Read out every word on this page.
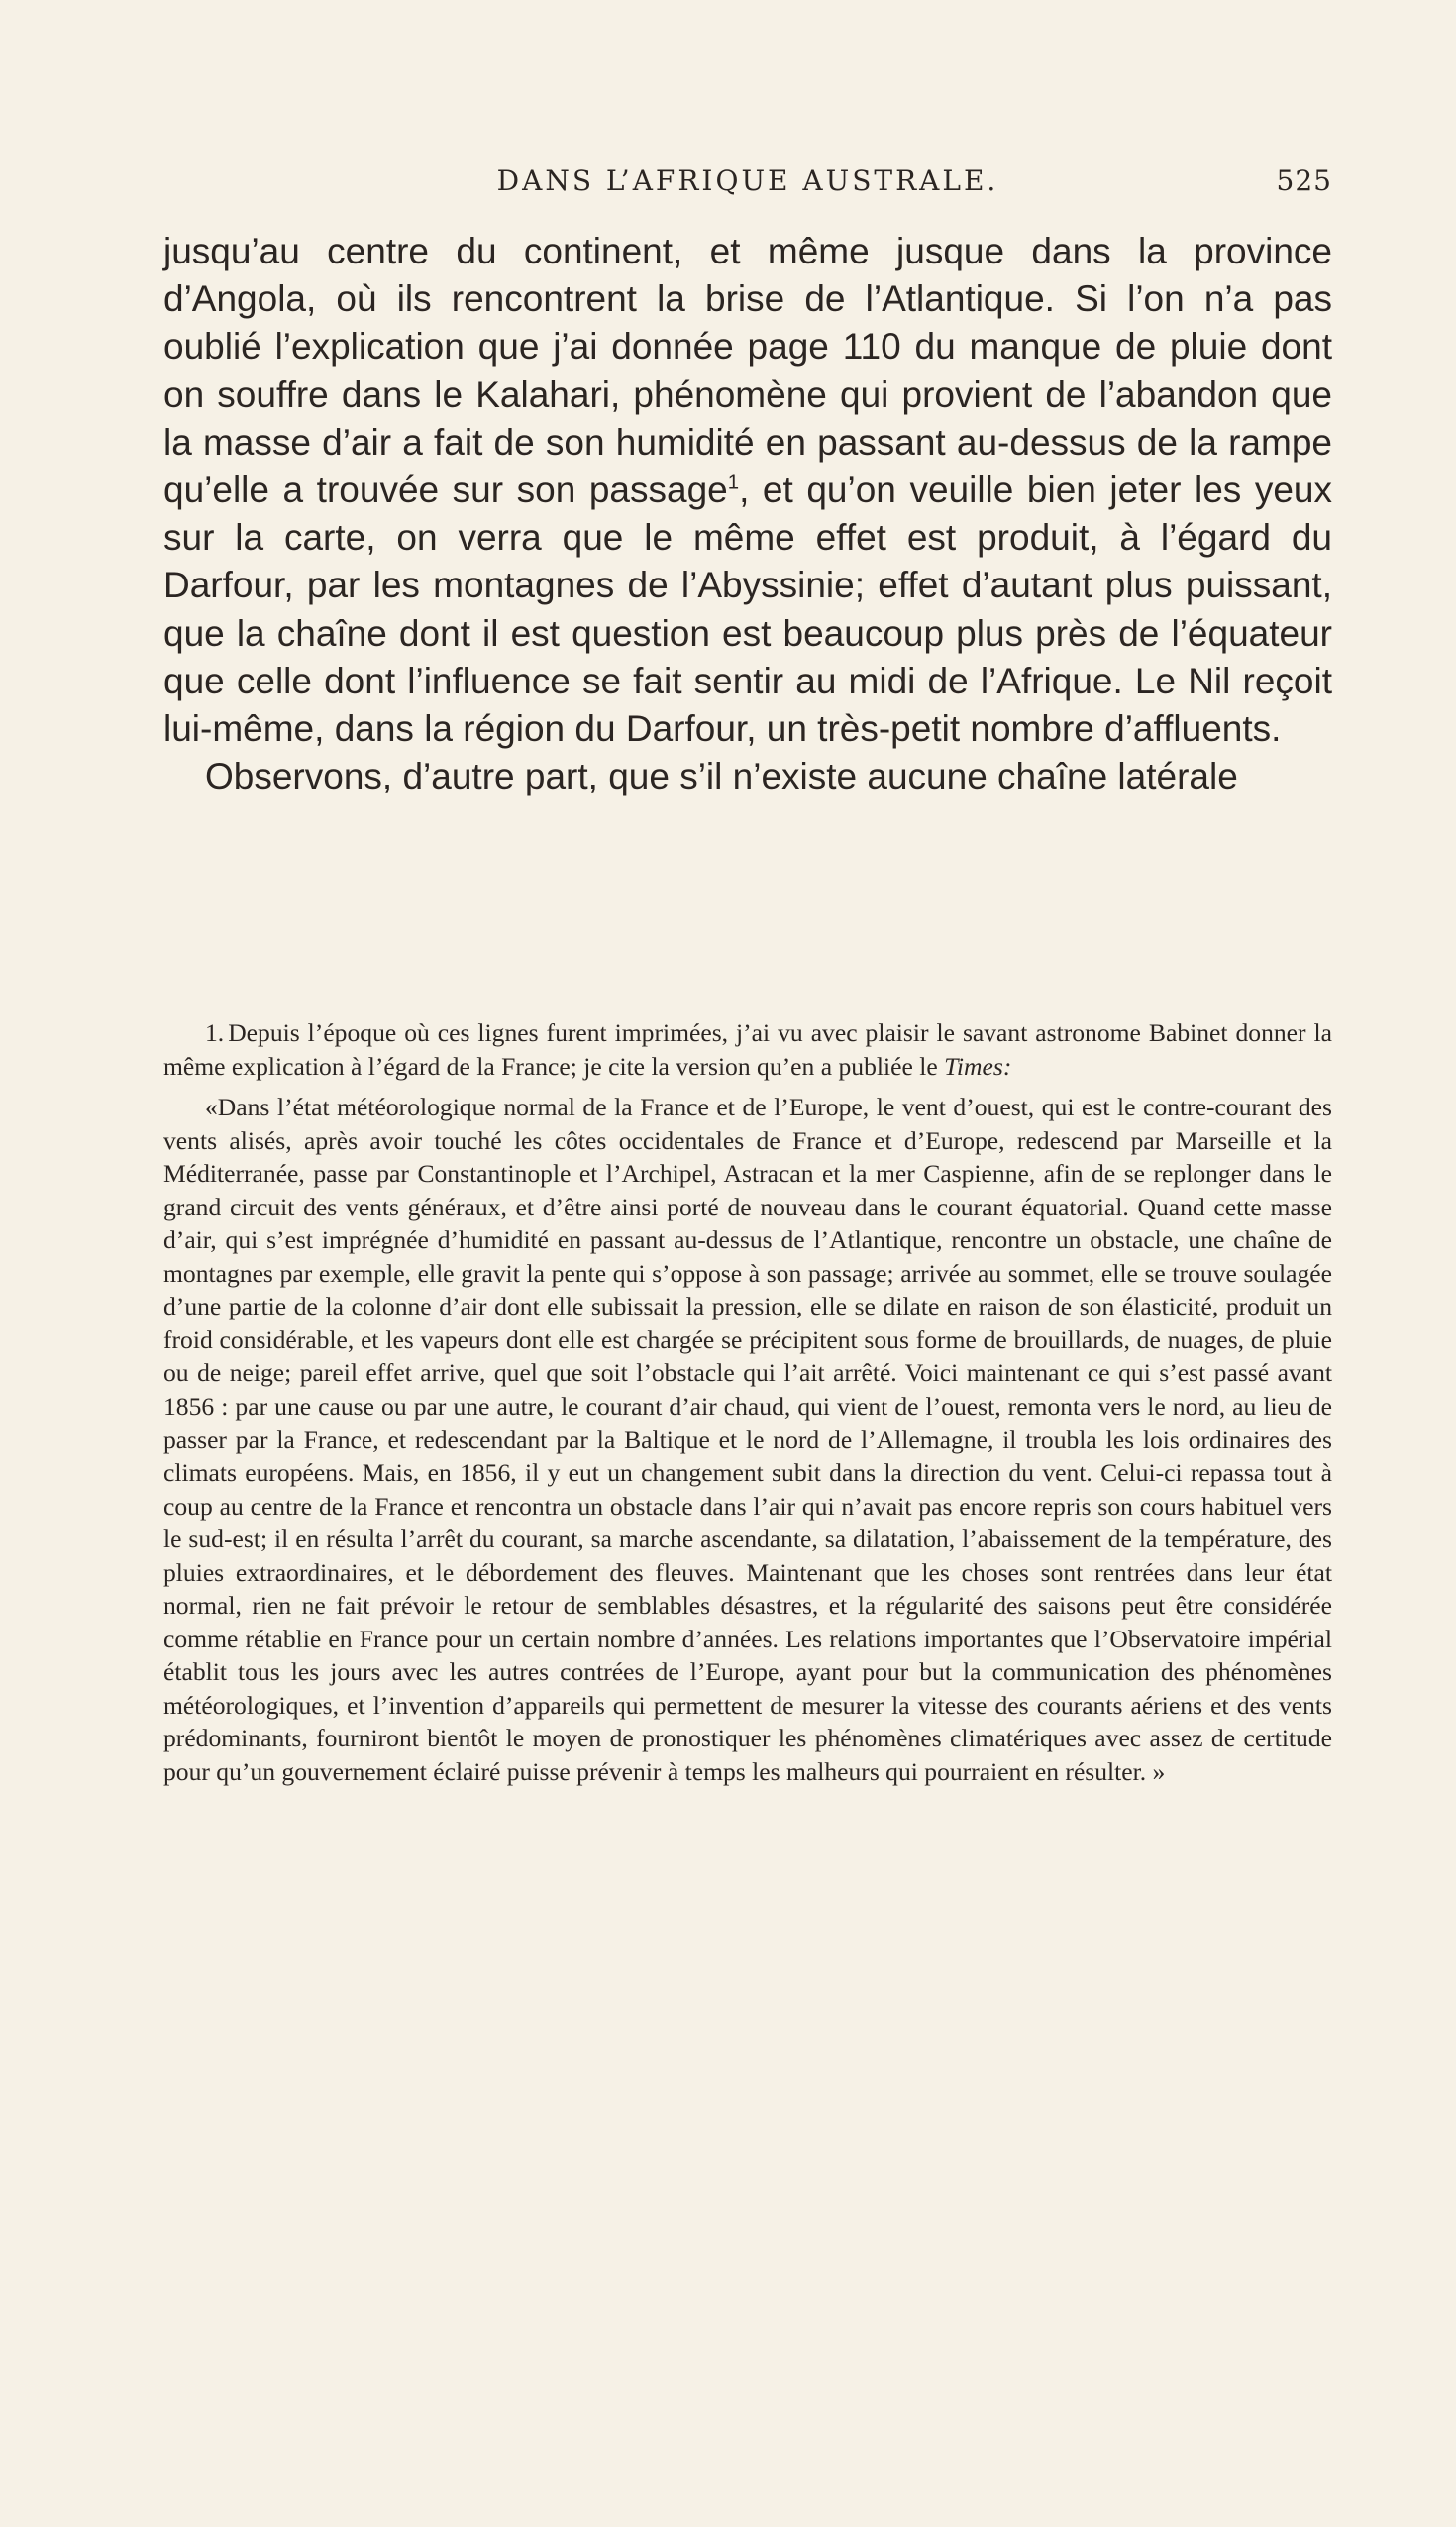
DANS L’AFRIQUE AUSTRALE.	525

jusqu’au centre du continent, et même jusque dans la province d’Angola, où ils rencontrent la brise de l’Atlantique. Si l’on n’a pas oublié l’explication que j’ai donnée page 110 du manque de pluie dont on souffre dans le Kalahari, phénomène qui provient de l’abandon que la masse d’air a fait de son humidité en passant au-dessus de la rampe qu’elle a trouvée sur son passage$^1$, et qu’on veuille bien jeter les yeux sur la carte, on verra que le même effet est produit, à l’égard du Darfour, par les montagnes de l’Abyssinie; effet d’autant plus puissant, que la chaîne dont il est question est beaucoup plus près de l’équateur que celle dont l’influence se fait sentir au midi de l’Afrique. Le Nil reçoit lui-même, dans la région du Darfour, un très-petit nombre d’affluents.

Observons, d’autre part, que s’il n’existe aucune chaîne latérale

1. Depuis l’époque où ces lignes furent imprimées, j’ai vu avec plaisir le savant astronome Babinet donner la même explication à l’égard de la France; je cite la version qu’en a publiée le Times:

«Dans l’état météorologique normal de la France et de l’Europe, le vent d’ouest, qui est le contre-courant des vents alisés, après avoir touché les côtes occidentales de France et d’Europe, redescend par Marseille et la Méditerranée, passe par Constantinople et l’Archipel, Astracan et la mer Caspienne, afin de se replonger dans le grand circuit des vents généraux, et d’être ainsi porté de nouveau dans le courant équatorial. Quand cette masse d’air, qui s’est imprégnée d’humidité en passant au-dessus de l’Atlantique, rencontre un obstacle, une chaîne de montagnes par exemple, elle gravit la pente qui s’oppose à son passage; arrivée au sommet, elle se trouve soulagée d’une partie de la colonne d’air dont elle subissait la pression, elle se dilate en raison de son élasticité, produit un froid considérable, et les vapeurs dont elle est chargée se précipitent sous forme de brouillards, de nuages, de pluie ou de neige; pareil effet arrive, quel que soit l’obstacle qui l’ait arrêté. Voici maintenant ce qui s’est passé avant 1856 : par une cause ou par une autre, le courant d’air chaud, qui vient de l’ouest, remonta vers le nord, au lieu de passer par la France, et redescendant par la Baltique et le nord de l’Allemagne, il troubla les lois ordinaires des climats européens. Mais, en 1856, il y eut un changement subit dans la direction du vent. Celui-ci repassa tout à coup au centre de la France et rencontra un obstacle dans l’air qui n’avait pas encore repris son cours habituel vers le sud-est; il en résulta l’arrêt du courant, sa marche ascendante, sa dilatation, l’abaissement de la température, des pluies extraordinaires, et le débordement des fleuves. Maintenant que les choses sont rentrées dans leur état normal, rien ne fait prévoir le retour de semblables désastres, et la régularité des saisons peut être considérée comme rétablie en France pour un certain nombre d’années. Les relations importantes que l’Observatoire impérial établit tous les jours avec les autres contrées de l’Europe, ayant pour but la communication des phénomènes météorologiques, et l’invention d’appareils qui permettent de mesurer la vitesse des courants aériens et des vents prédominants, fourniront bientôt le moyen de pronostiquer les phénomènes climatériques avec assez de certitude pour qu’un gouvernement éclairé puisse prévenir à temps les malheurs qui pourraient en résulter. »
